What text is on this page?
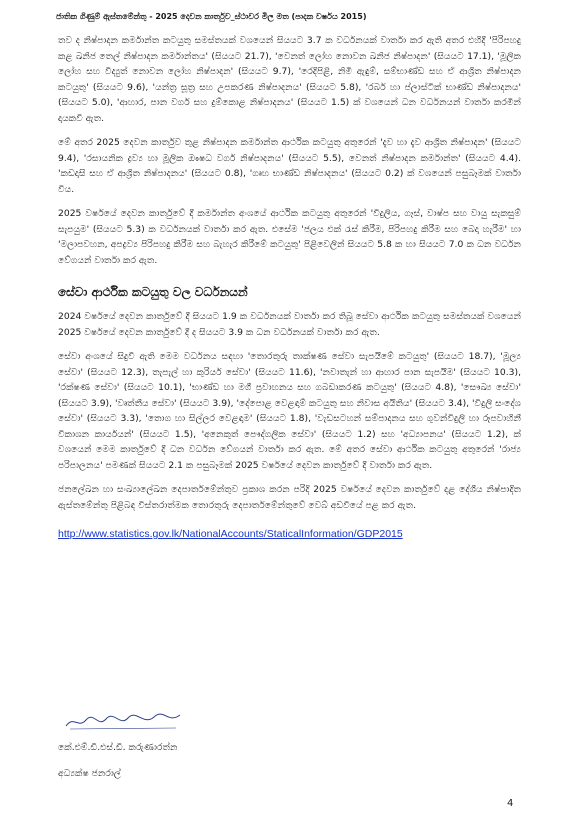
ජාතික ගිණුම් ඇස්තමේන්තු - 2025 දෙවන කාර්තුව_ස්ථාවර මිල මත (පාදක වර්ෂය 2015)

තව ද නිෂ්පාදන කර්මාන්ත කටයුතු සමස්තයක් වශයෙන් සියයට 3.7 ක වර්ධනයක් වාර්තා කර ඇති අතර එහිදී 'පිරිපහදු කළ ඛනිජ තෙල් නිෂ්පාදන කර්මාන්තය' (සියයට 21.7), 'වෙනත් ලෝහ නොවන ඛනිජ නිෂ්පාදන' (සියයට 17.1), 'මූලික ලෝහ සහ විද්‍යුත් නොවන ලෝහ නිෂ්පාදන' (සියයට 9.7), 'රෙදිපිළි, නිමි ඇඳුම්, සම්භාණ්ඩ සහ ඒ ආශ්‍රිත නිෂ්පාදන කටයුතු' (සියයට 9.6), 'යන්ත්‍ර සූත්‍ර සහ උපකරණ නිෂ්පාදනය' (සියයට 5.8), 'රබර් හා ප්ලාස්ටික් භාණ්ඩ නිෂ්පාදනය' (සියයට 5.0), 'ආහාර, පාන වර්ග සහ දුම්කොළ නිෂ්පාදනය' (සියයට 1.5) ක් වශයෙන් ධන වර්ධනයන් වාර්තා කරමින් දායකවී ඇත.

මේ අතර 2025 දෙවන කාර්තුව තුළ නිෂ්පාදන කර්මාන්ත ආර්ථික කටයුතු අතුරෙන් 'දැව හා දැව ආශ්‍රිත නිෂ්පාදන' (සියයට 9.4), 'රසායනික ද්‍රව්‍ය හා මූලික ඖෂධ වර්ග නිෂ්පාදනය' (සියයට 5.5), වෙනත් නිෂ්පාදන කර්මාන්ත' (සියයට 4.4). 'කඩදාසි සහ ඒ ආශ්‍රිත නිෂ්පාදනය' (සියයට 0.8), 'ගෘහ භාණ්ඩ නිෂ්පාදනය' (සියයට 0.2) ක් වශයෙන් පසුබෑමක් වාර්තා විය.

2025 වර්ෂයේ දෙවන කාර්තුවේ දී කර්මාන්ත අංශයේ ආර්ථික කටයුතු අතුරෙන් 'විදුලිය, ගෑස්, වාෂ්ප සහ වායු සැකසුම් සැපයුම' (සියයට 5.3) ක වර්ධනයක් වාර්තා කර ඇත. එසේම 'ජලය එක් රැස් කිරීම, පිරිපහදු කිරීම සහ බෙදා හැරීම' හා 'මලාපවහන, අපද්‍රව්‍ය පිරිපහදු කිරීම සහ බැහැර කිරීමේ කටයුතු' පිළිවෙලින් සියයට 5.8 ක හා සියයට 7.0 ක ධන වර්ධන වේගයන් වාර්තා කර ඇත.

සේවා ආර්ථික කටයුතු වල වර්ධනයන්

2024 වර්ෂයේ දෙවන කාර්තුවේ දී සියයට 1.9 ක වර්ධනයක් වාර්තා කර තිබූ සේවා ආර්ථික කටයුතු සමස්තයක් වශයෙන් 2025 වර්ෂයේ දෙවන කාර්තුවේ දී ද සියයට 3.9 ක ධන වර්ධනයක් වාර්තා කර ඇත.

සේවා අංශයේ සිදුවී ඇති මෙම වර්ධනය සඳහා 'තොරතුරු තාක්ෂණ සේවා සැපයීමේ කටයුතු' (සියයට 18.7), 'මූල්‍ය සේවා' (සියයට 12.3), තැපැල් හා කුරියර් සේවා' (සියයට 11.6), 'නවාතැන් හා ආහාර පාන සැපයීම' (සියයට 10.3), 'රක්ෂණ සේවා' (සියයට 10.1), 'භාණ්ඩ හා මගී ප්‍රවාහනය සහ ගබඩාකරණ කටයුතු' (සියයට 4.8), 'සෞඛ්‍ය සේවා' (සියයට 3.9), 'වෘත්තීය සේවා' (සියයට 3.9), 'දේපොළ වෙළඳාම් කටයුතු සහ නිවාස අයිතිය' (සියයට 3.4), 'විදුලි සංදේශ සේවා' (සියයට 3.3), 'තොග හා සිල්ලර වෙළඳාම' (සියයට 1.8), 'වැඩසටහන් සම්පාදනය සහ ගුවන්විදුලි හා රූපවාහිනී විකාශන කාර්යයන්' (සියයට 1.5), 'අනෙකුත් පෞද්ගලික සේවා' (සියයට 1.2) සහ 'අධ්‍යාපනය' (සියයට 1.2), ක් වශයෙන් මෙම කාර්තුවේ දී ධන වර්ධන වේගයන් වාර්තා කර ඇත. මේ අතර සේවා ආර්ථික කටයුතු අතුරෙන් 'රාජ්‍ය පරිපාලනය' පමණක් සියයට 2.1 ක පසුබෑමක් 2025 වර්ෂයේ දෙවන කාර්තුවේ දී වාර්තා කර ඇත.

ජනලේඛන හා සංඛ්‍යාලේඛන දෙපාර්තමේන්තුව ප්‍රකාශ කරන පරිදි 2025 වර්ෂයේ දෙවන කාර්තුවේ දළ දේශීය නිෂ්පාදිත ඇස්තමේන්තු පිළිබඳ විස්තරාත්මක තොරතුරු දෙපාර්තමේන්තුවේ වෙබ් අඩවියේ පළ කර ඇත.

http://www.statistics.gov.lk/NationalAccounts/StaticalInformation/GDP2015
කේ.එම්.ඩී.එස්.ඩී. කරුණාරත්න
අධ්‍යක්ෂ ජනරාල්
4
